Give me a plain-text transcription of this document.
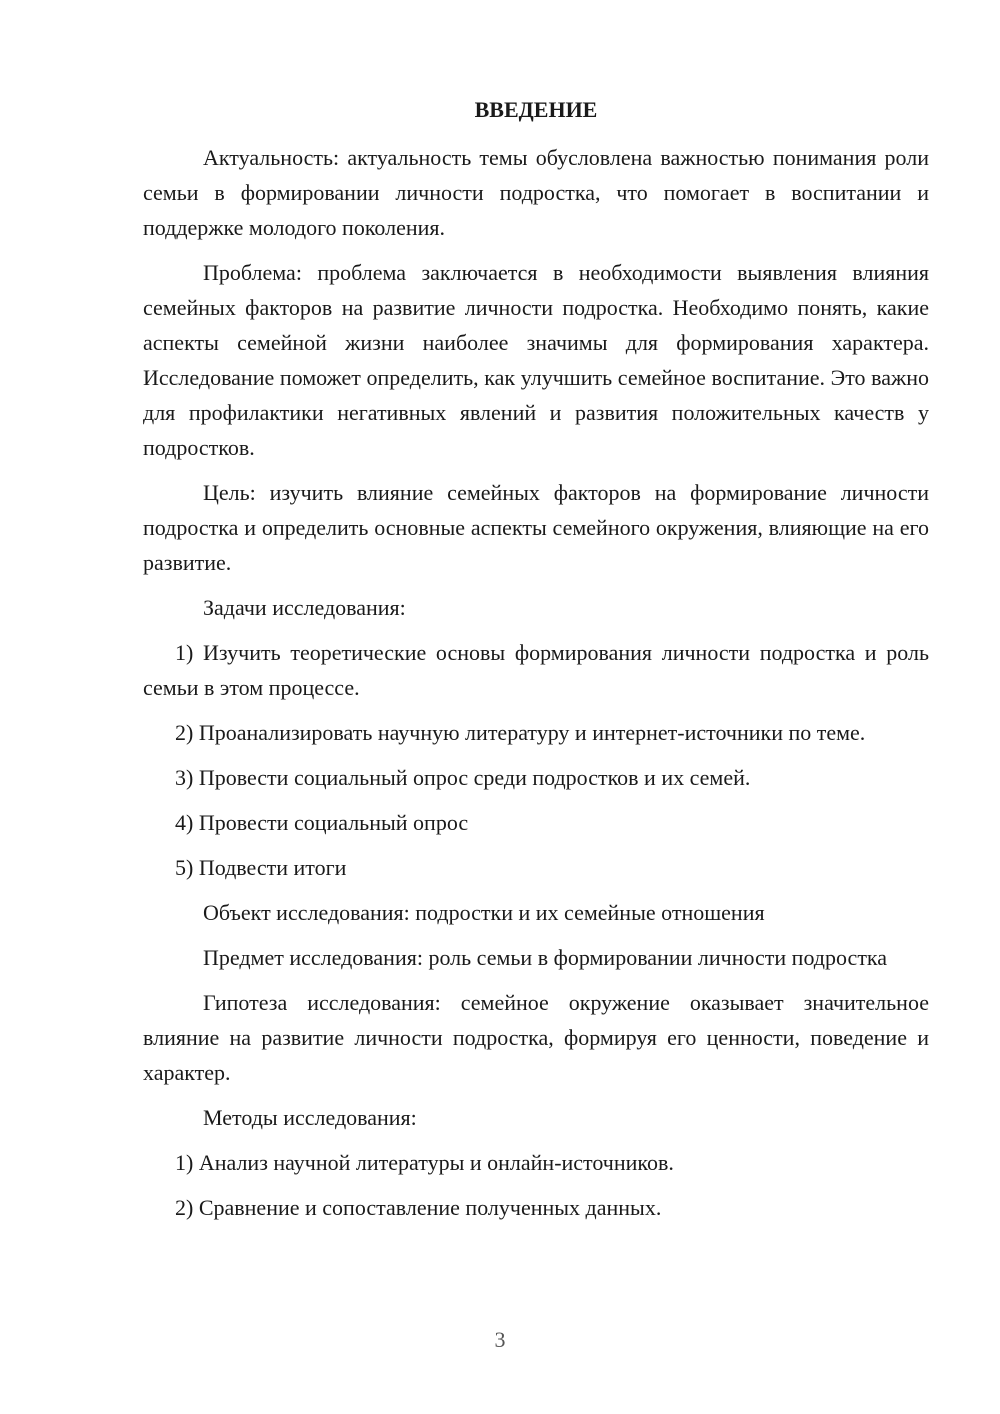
ВВЕДЕНИЕ

Актуальность: актуальность темы обусловлена важностью понимания роли семьи в формировании личности подростка, что помогает в воспитании и поддержке молодого поколения.

Проблема: проблема заключается в необходимости выявления влияния семейных факторов на развитие личности подростка. Необходимо понять, какие аспекты семейной жизни наиболее значимы для формирования характера. Исследование поможет определить, как улучшить семейное воспитание. Это важно для профилактики негативных явлений и развития положительных качеств у подростков.

Цель: изучить влияние семейных факторов на формирование личности подростка и определить основные аспекты семейного окружения, влияющие на его развитие.

Задачи исследования:

1) Изучить теоретические основы формирования личности подростка и роль семьи в этом процессе.

2) Проанализировать научную литературу и интернет-источники по теме.

3) Провести социальный опрос среди подростков и их семей.

4) Провести социальный опрос

5) Подвести итоги

Объект исследования: подростки и их семейные отношения

Предмет исследования: роль семьи в формировании личности подростка

Гипотеза исследования: семейное окружение оказывает значительное влияние на развитие личности подростка, формируя его ценности, поведение и характер.

Методы исследования:

1) Анализ научной литературы и онлайн-источников.

2) Сравнение и сопоставление полученных данных.

3
